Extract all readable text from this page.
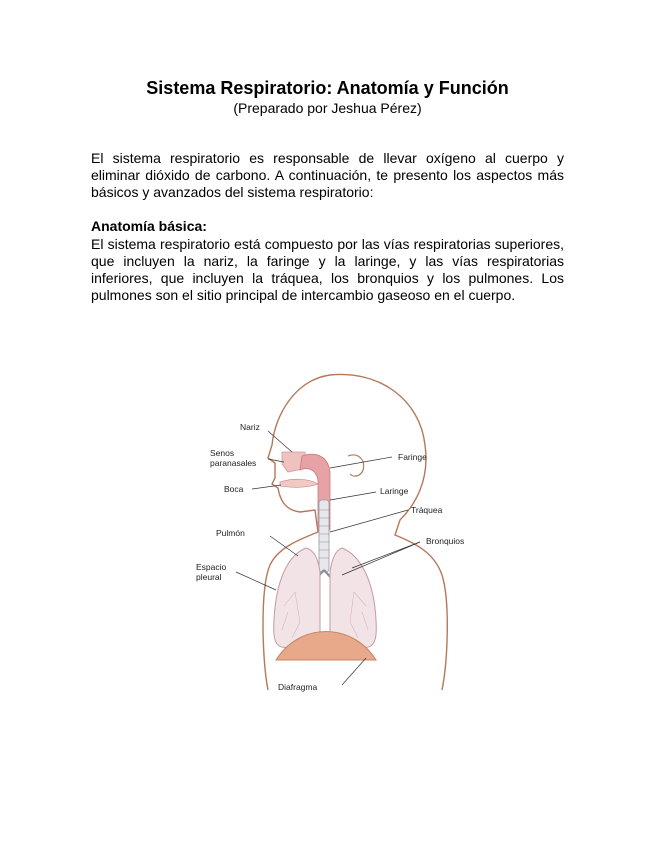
Sistema Respiratorio: Anatomía y Función
(Preparado por Jeshua Pérez)
El sistema respiratorio es responsable de llevar oxígeno al cuerpo y eliminar dióxido de carbono. A continuación, te presento los aspectos más básicos y avanzados del sistema respiratorio:
Anatomía básica:
El sistema respiratorio está compuesto por las vías respiratorias superiores, que incluyen la nariz, la faringe y la laringe, y las vías respiratorias inferiores, que incluyen la tráquea, los bronquios y los pulmones. Los pulmones son el sitio principal de intercambio gaseoso en el cuerpo.
Nariz
Senos
paranasales
Boca
Pulmón
Espacio
pleural
Diafragma
Faringe
Laringe
Tráquea
Bronquios
